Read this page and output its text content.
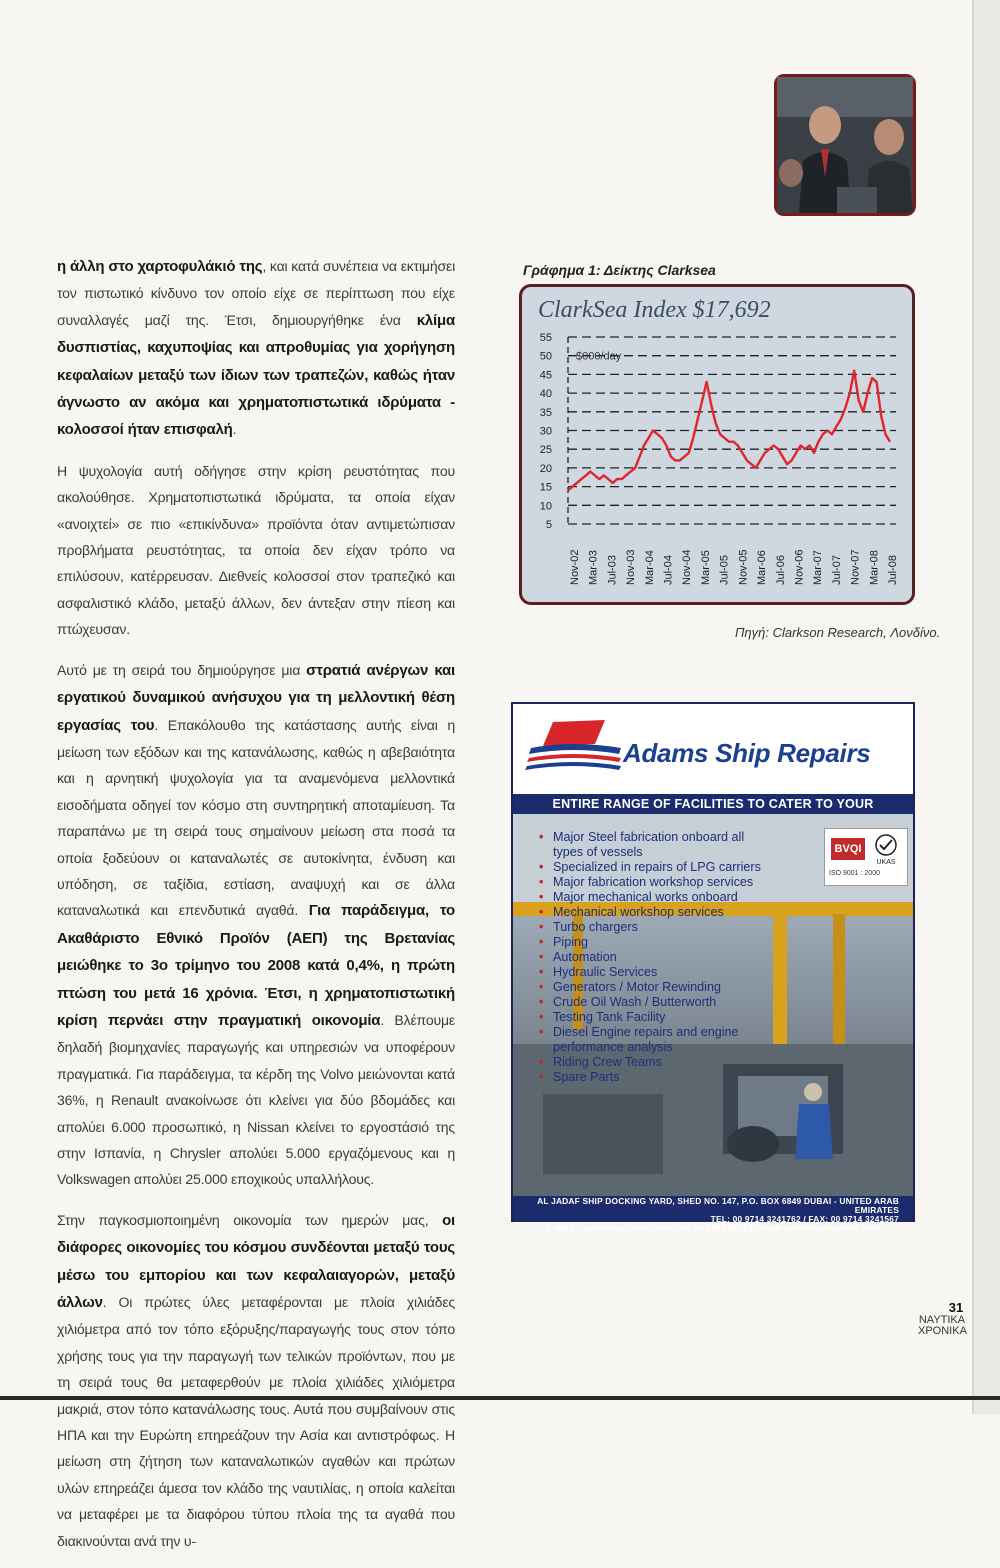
η άλλη στο χαρτοφυλάκιό της, και κατά συνέπεια να εκτιμήσει τον πιστωτικό κίνδυνο τον οποίο είχε σε περίπτωση που είχε συναλλαγές μαζί της. Έτσι, δημιουργήθηκε ένα κλίμα δυσπιστίας, καχυποψίας και απροθυμίας για χορήγηση κεφαλαίων μεταξύ των ίδιων των τραπεζών, καθώς ήταν άγνωστο αν ακόμα και χρηματοπιστωτικά ιδρύματα - κολοσσοί ήταν επισφαλή.

Η ψυχολογία αυτή οδήγησε στην κρίση ρευστότητας που ακολούθησε. Χρηματοπιστωτικά ιδρύματα, τα οποία είχαν «ανοιχτεί» σε πιο «επικίνδυνα» προϊόντα όταν αντιμετώπισαν προβλήματα ρευστότητας, τα οποία δεν είχαν τρόπο να επιλύσουν, κατέρρευσαν. Διεθνείς κολοσσοί στον τραπεζικό και ασφαλιστικό κλάδο, μεταξύ άλλων, δεν άντεξαν στην πίεση και πτώχευσαν.

Αυτό με τη σειρά του δημιούργησε μια στρατιά ανέργων και εργατικού δυναμικού ανήσυχου για τη μελλοντική θέση εργασίας του. Επακόλουθο της κατάστασης αυτής είναι η μείωση των εξόδων και της κατανάλωσης, καθώς η αβεβαιότητα και η αρνητική ψυχολογία για τα αναμενόμενα μελλοντικά εισοδήματα οδηγεί τον κόσμο στη συντηρητική αποταμίευση. Τα παραπάνω με τη σειρά τους σημαίνουν μείωση στα ποσά τα οποία ξοδεύουν οι καταναλωτές σε αυτοκίνητα, ένδυση και υπόδηση, σε ταξίδια, εστίαση, αναψυχή και σε άλλα καταναλωτικά και επενδυτικά αγαθά. Για παράδειγμα, το Ακαθάριστο Εθνικό Προϊόν (ΑΕΠ) της Βρετανίας μειώθηκε το 3ο τρίμηνο του 2008 κατά 0,4%, η πρώτη πτώση του μετά 16 χρόνια. Έτσι, η χρηματοπιστωτική κρίση περνάει στην πραγματική οικονομία. Βλέπουμε δηλαδή βιομηχανίες παραγωγής και υπηρεσιών να υποφέρουν πραγματικά. Για παράδειγμα, τα κέρδη της Volvo μειώνονται κατά 36%, η Renault ανακοίνωσε ότι κλείνει για δύο βδομάδες και απολύει 6.000 προσωπικό, η Nissan κλείνει το εργοστάσιό της στην Ισπανία, η Chrysler απολύει 5.000 εργαζόμενους και η Volkswagen απολύει 25.000 εποχικούς υπαλλήλους.

Στην παγκοσμιοποιημένη οικονομία των ημερών μας, οι διάφορες οικονομίες του κόσμου συνδέονται μεταξύ τους μέσω του εμπορίου και των κεφαλαιαγορών, μεταξύ άλλων. Οι πρώτες ύλες μεταφέρονται με πλοία χιλιάδες χιλιόμετρα από τον τόπο εξόρυξης/παραγωγής τους στον τόπο χρήσης τους για την παραγωγή των τελικών προϊόντων, που με τη σειρά τους θα μεταφερθούν με πλοία χιλιάδες χιλιόμετρα μακριά, στον τόπο κατανάλωσης τους. Αυτά που συμβαίνουν στις ΗΠΑ και την Ευρώπη επηρεάζουν την Ασία και αντιστρόφως. Η μείωση στη ζήτηση των καταναλωτικών αγαθών και πρώτων υλών επηρεάζει άμεσα τον κλάδο της ναυτιλίας, η οποία καλείται να μεταφέρει με τα διαφόρου τύπου πλοία της τα αγαθά που διακινούνται ανά την υ-

Γράφημα 1: Δείκτης Clarksea
ClarkSea Index $17,692
55
50
45
40
35
30
25
20
15
10
5
Nov-02 Mar-03 Jul-03 Nov-03 Mar-04 Jul-04 Nov-04 Mar-05 Jul-05 Nov-05 Mar-06 Jul-06 Nov-06 Mar-07 Jul-07 Nov-07 Mar-08 Jul-08
$000/day
Πηγή: Clarkson Research, Λονδίνο.
Adams Ship Repairs
ENTIRE RANGE OF FACILITIES TO CATER TO YOUR
• Major Steel fabrication onboard all types of vessels
• Specialized in repairs of LPG carriers
• Major fabrication workshop services
• Major mechanical works onboard
• Mechanical workshop services
• Turbo chargers
• Piping
• Automation
• Hydraulic Services
• Generators / Motor Rewinding
• Crude Oil Wash / Butterworth
• Testing Tank Facility
• Diesel Engine repairs and engine performance analysis
• Riding Crew Teams
• Spare Parts
BVQI
UKAS
ISO 9001 : 2000
AL JADAF SHIP DOCKING YARD, SHED NO. 147, P.O. BOX 6849 DUBAI - UNITED ARAB EMIRATES
TEL: 00 9714 3241762 / FAX: 00 9714 3241567
E-MAIL: adamship@emirates.net.ae / WEBSITE: www.adamshiprepairs.com
31
ΝΑΥΤΙΚΑ
ΧΡΟΝΙΚΑ
